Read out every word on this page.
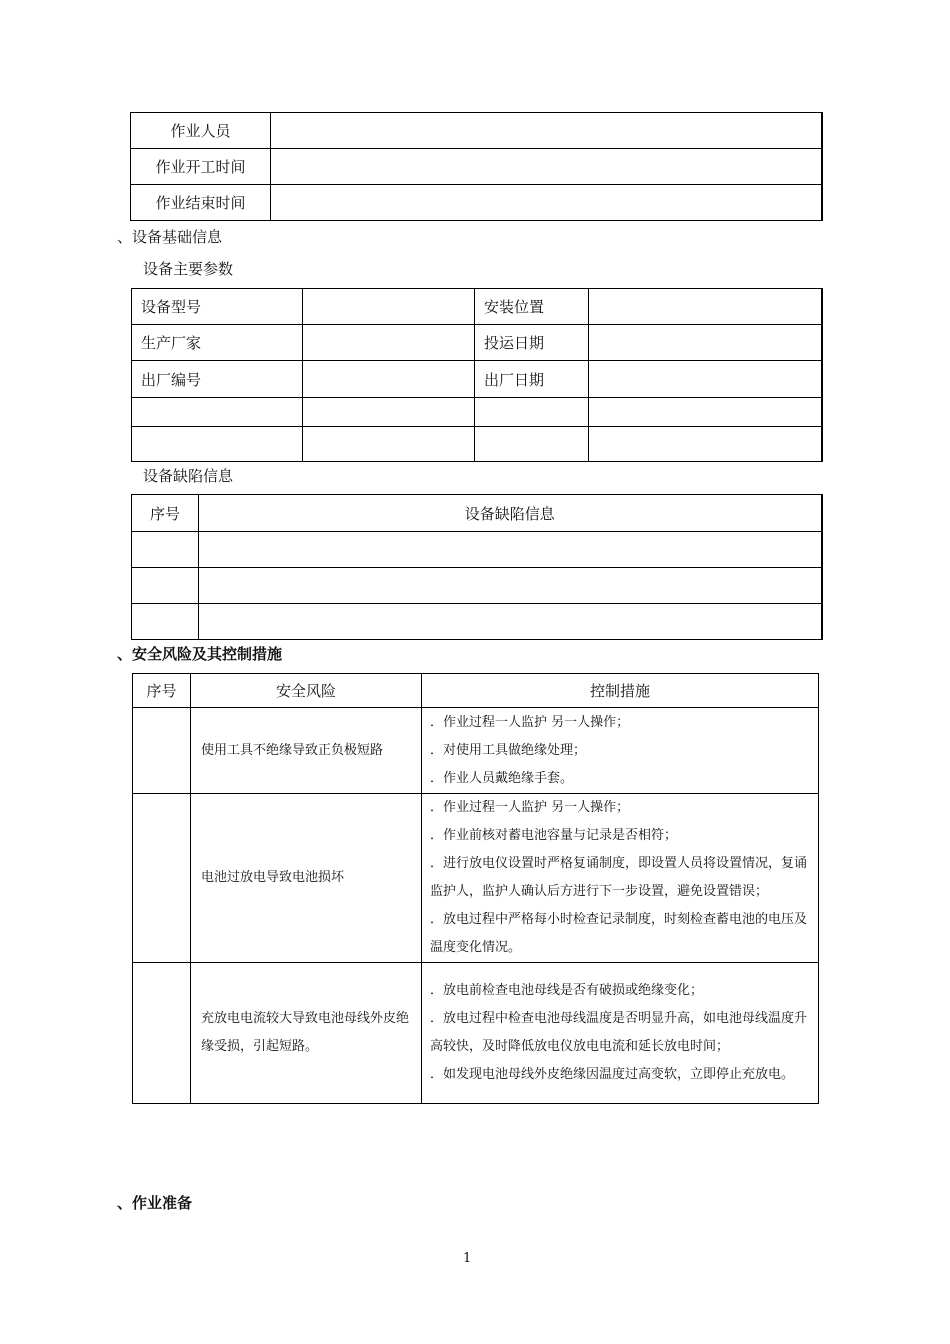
作业人员	
作业开工时间	
作业结束时间	
、设备基础信息
设备主要参数
设备型号		安装位置	
生产厂家		投运日期	
出厂编号		出厂日期	

设备缺陷信息
序号	设备缺陷信息

、安全风险及其控制措施
序号	安全风险	控制措施
	使用工具不绝缘导致正负极短路	．作业过程一人监护 另一人操作；
．对使用工具做绝缘处理；
．作业人员戴绝缘手套。

	电池过放电导致电池损坏	．作业过程一人监护 另一人操作；
．作业前核对蓄电池容量与记录是否相符；
．进行放电仪设置时严格复诵制度，即设置人员将设置情况，复诵监护人，监护人确认后方进行下一步设置，避免设置错误；
．放电过程中严格每小时检查记录制度，时刻检查蓄电池的电压及温度变化情况。

	充放电电流较大导致电池母线外皮绝缘受损，引起短路。	．放电前检查电池母线是否有破损或绝缘变化；
．放电过程中检查电池母线温度是否明显升高，如电池母线温度升高较快，及时降低放电仪放电电流和延长放电时间；
．如发现电池母线外皮绝缘因温度过高变软，立即停止充放电。
、作业准备
1
